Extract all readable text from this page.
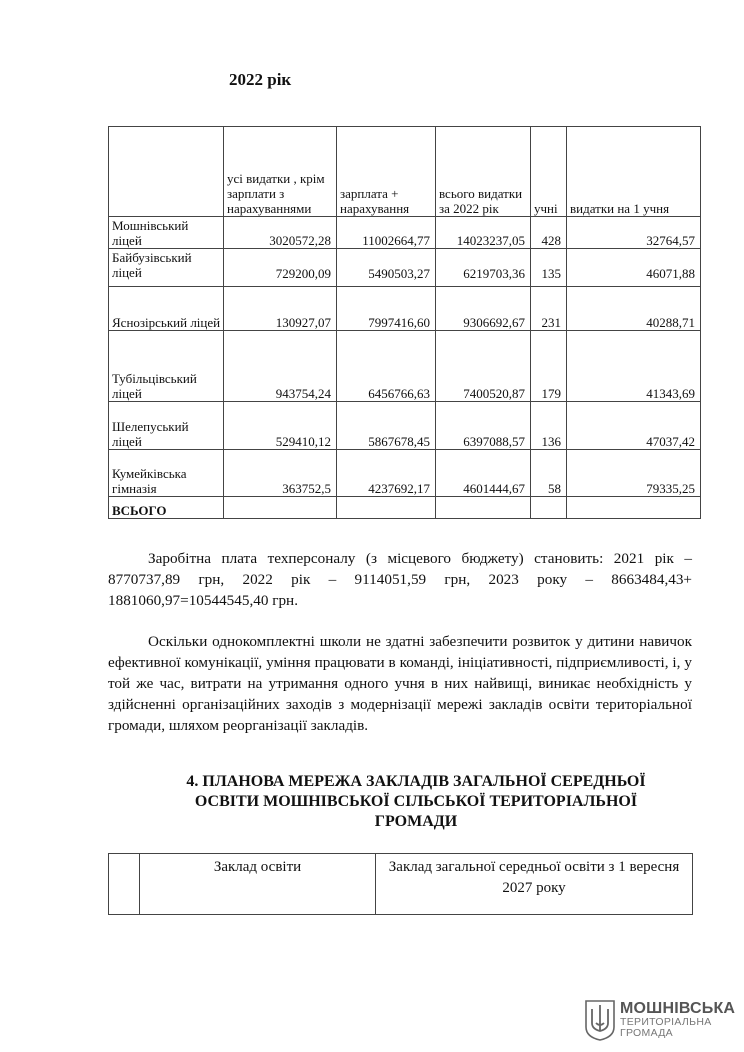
2022 рік
	усі видатки , крім зарплати з нарахуваннями	зарплата + нарахування	всього видатки за 2022 рік	учні	видатки на 1 учня
Мошнівський ліцей	3020572,28	11002664,77	14023237,05	428	32764,57
Байбузівський ліцей	729200,09	5490503,27	6219703,36	135	46071,88
Яснозірський ліцей	130927,07	7997416,60	9306692,67	231	40288,71
Тубільцівський ліцей	943754,24	6456766,63	7400520,87	179	41343,69
Шелепуський ліцей	529410,12	5867678,45	6397088,57	136	47037,42
Кумейківська гімназія	363752,5	4237692,17	4601444,67	58	79335,25
ВСЬОГО					
Заробітна плата техперсоналу (з місцевого бюджету) становить: 2021 рік – 8770737,89 грн, 2022 рік – 9114051,59 грн, 2023 року – 8663484,43+ 1881060,97=10544545,40 грн.
Оскільки однокомплектні школи не здатні забезпечити розвиток у дитини навичок ефективної комунікації, уміння працювати в команді, ініціативності, підприємливості, і, у той же час, витрати на утримання одного учня в них найвищі, виникає необхідність у здійсненні організаційних заходів з модернізації мережі закладів освіти територіальної громади, шляхом реорганізації закладів.
4. ПЛАНОВА МЕРЕЖА ЗАКЛАДІВ ЗАГАЛЬНОЇ СЕРЕДНЬОЇ ОСВІТИ МОШНІВСЬКОЇ СІЛЬСЬКОЇ ТЕРИТОРІАЛЬНОЇ ГРОМАДИ
	Заклад освіти	Заклад загальної середньої освіти з 1 вересня 2027 року
МОШНІВСЬКА
ТЕРИТОРІАЛЬНА
ГРОМАДА
